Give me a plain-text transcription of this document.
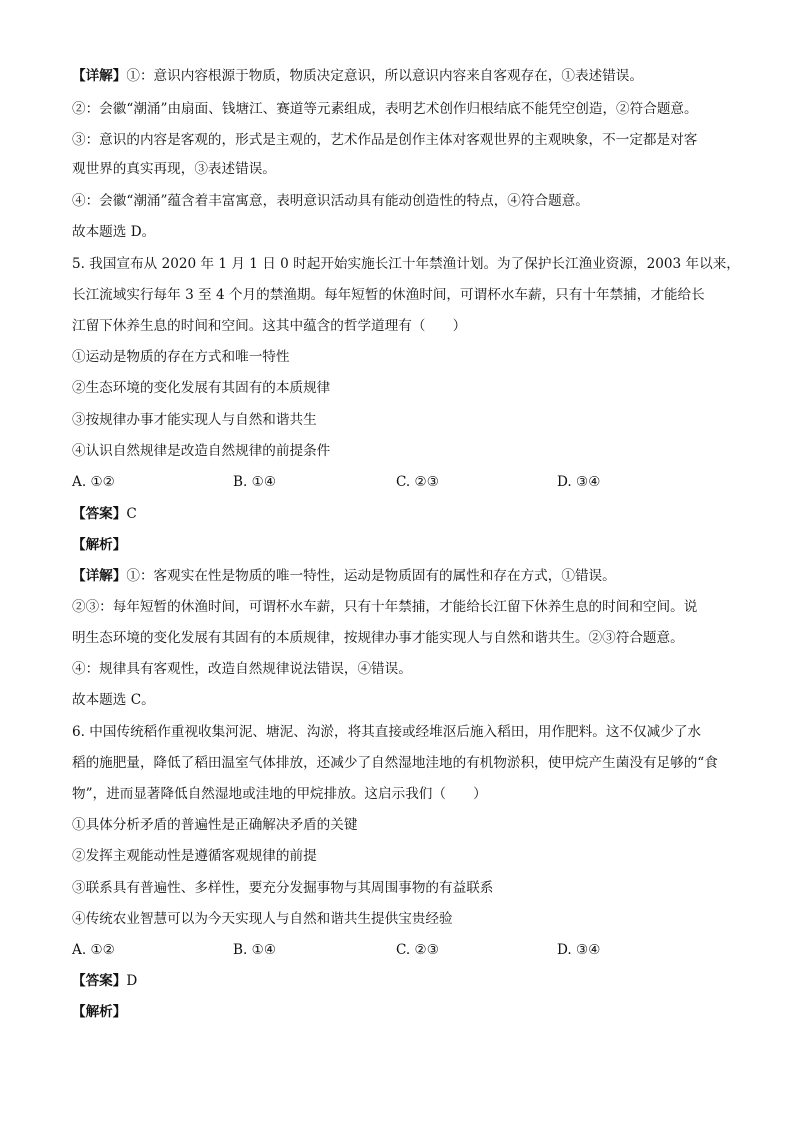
【详解】①：意识内容根源于物质，物质决定意识，所以意识内容来自客观存在，①表述错误。
②：会徽“潮涌”由扇面、钱塘江、赛道等元素组成，表明艺术创作归根结底不能凭空创造，②符合题意。
③：意识的内容是客观的，形式是主观的，艺术作品是创作主体对客观世界的主观映象，不一定都是对客
观世界的真实再现，③表述错误。
④：会徽“潮涌”蕴含着丰富寓意，表明意识活动具有能动创造性的特点，④符合题意。
故本题选 D。
5. 我国宣布从 2020 年 1 月 1 日 0 时起开始实施长江十年禁渔计划。为了保护长江渔业资源，2003 年以来，
长江流域实行每年 3 至 4 个月的禁渔期。每年短暂的休渔时间，可谓杯水车薪，只有十年禁捕，才能给长
江留下休养生息的时间和空间。这其中蕴含的哲学道理有（　　）
①运动是物质的存在方式和唯一特性
②生态环境的变化发展有其固有的本质规律
③按规律办事才能实现人与自然和谐共生
④认识自然规律是改造自然规律的前提条件
A. ①②	B. ①④	C. ②③	D. ③④
【答案】C
【解析】
【详解】①：客观实在性是物质的唯一特性，运动是物质固有的属性和存在方式，①错误。
②③：每年短暂的休渔时间，可谓杯水车薪，只有十年禁捕，才能给长江留下休养生息的时间和空间。说
明生态环境的变化发展有其固有的本质规律，按规律办事才能实现人与自然和谐共生。②③符合题意。
④：规律具有客观性，改造自然规律说法错误，④错误。
故本题选 C。
6. 中国传统稻作重视收集河泥、塘泥、沟淤，将其直接或经堆沤后施入稻田，用作肥料。这不仅减少了水
稻的施肥量，降低了稻田温室气体排放，还减少了自然湿地洼地的有机物淤积，使甲烷产生菌没有足够的“食
物”，进而显著降低自然湿地或洼地的甲烷排放。这启示我们（　　）
①具体分析矛盾的普遍性是正确解决矛盾的关键
②发挥主观能动性是遵循客观规律的前提
③联系具有普遍性、多样性，要充分发掘事物与其周围事物的有益联系
④传统农业智慧可以为今天实现人与自然和谐共生提供宝贵经验
A. ①②	B. ①④	C. ②③	D. ③④
【答案】D
【解析】
